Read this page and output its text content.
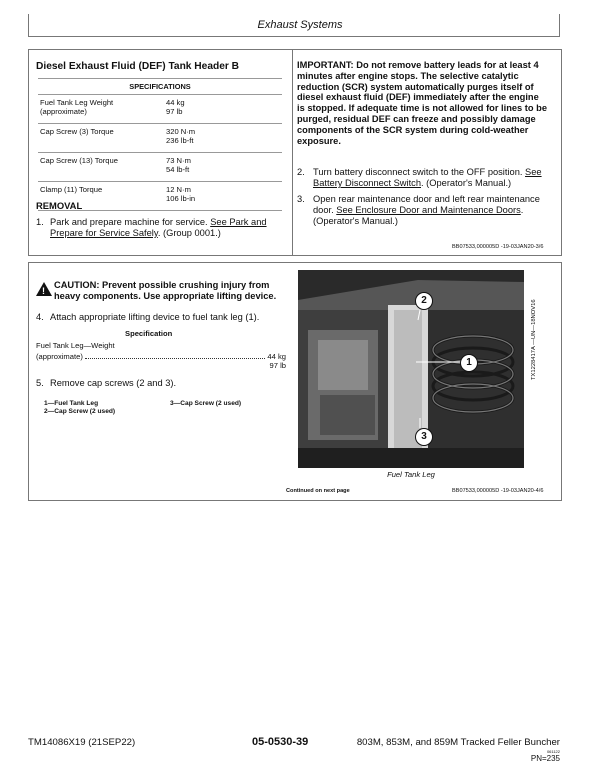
Exhaust Systems
Diesel Exhaust Fluid (DEF) Tank Header B
SPECIFICATIONS	
Fuel Tank Leg Weight (approximate)	44 kg
97 lb
Cap Screw (3) Torque	320 N·m
236 lb-ft
Cap Screw (13) Torque	73 N·m
54 lb-ft
Clamp (11) Torque	12 N·m
106 lb-in
REMOVAL
1. Park and prepare machine for service. See Park and Prepare for Service Safely. (Group 0001.)
IMPORTANT: Do not remove battery leads for at least 4 minutes after engine stops. The selective catalytic reduction (SCR) system automatically purges itself of diesel exhaust fluid (DEF) immediately after the engine is stopped. If adequate time is not allowed for lines to be purged, residual DEF can freeze and possibly damage components of the SCR system during cold-weather exposure.
2. Turn battery disconnect switch to the OFF position. See Battery Disconnect Switch. (Operator's Manual.)
3. Open rear maintenance door and left rear maintenance door. See Enclosure Door and Maintenance Doors. (Operator's Manual.)
BB07533,000005D -19-03JAN20-3/6
!
CAUTION: Prevent possible crushing injury from heavy components. Use appropriate lifting device.
4. Attach appropriate lifting device to fuel tank leg (1).
Specification
Fuel Tank Leg—Weight
(approximate)	44 kg
97 lb
5. Remove cap screws (2 and 3).
1—Fuel Tank Leg
2—Cap Screw (2 used)
3—Cap Screw (2 used)
2
1
3
TX1228417A —UN—18NOV16
Fuel Tank Leg
Continued on next page	BB07533,000005D -19-03JAN20-4/6
TM14086X19 (21SEP22)	05-0530-39	803M, 853M, and 859M Tracked Feller Buncher
061122
PN=235
